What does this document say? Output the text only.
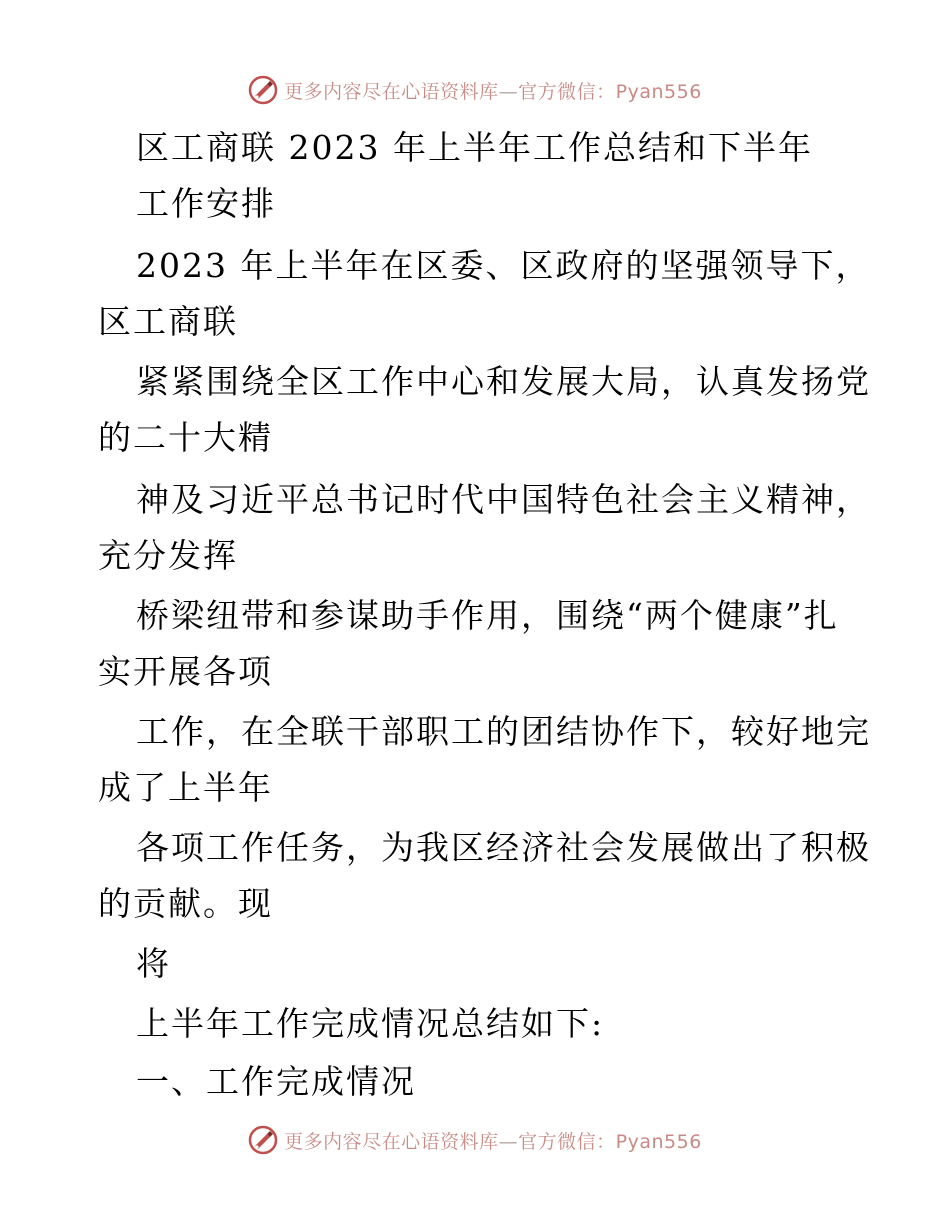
更多内容尽在心语资料库—官方微信：Pyan556
区工商联 2023 年上半年工作总结和下半年
工作安排
2023 年上半年在区委、区政府的坚强领导下，
区工商联
紧紧围绕全区工作中心和发展大局，认真发扬党
的二十大精
神及习近平总书记时代中国特色社会主义精神，
充分发挥
桥梁纽带和参谋助手作用，围绕“两个健康”扎
实开展各项
工作，在全联干部职工的团结协作下，较好地完
成了上半年
各项工作任务，为我区经济社会发展做出了积极
的贡献。现
将
上半年工作完成情况总结如下:
一、工作完成情况
更多内容尽在心语资料库—官方微信：Pyan556
